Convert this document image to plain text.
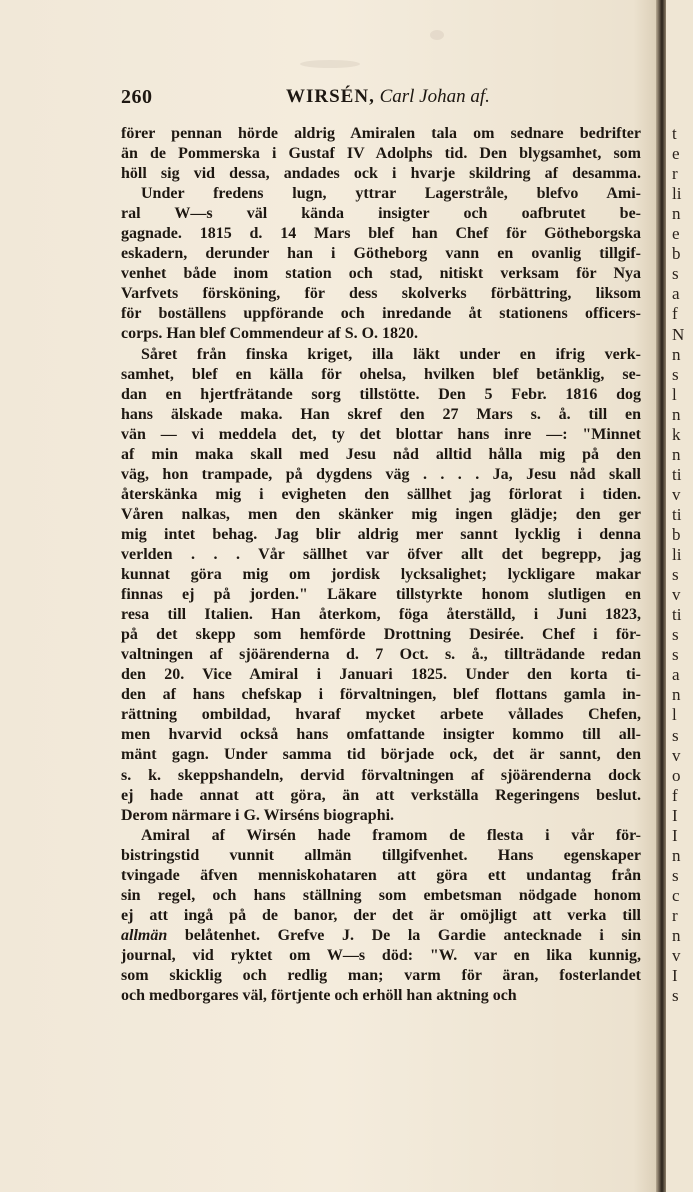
t
e
r
li
n
e
b
s
a
f
N
n
s
l
n
k
n
ti
v
ti
b
li
s
v
ti
s
s
a
n
l
s
v
o
f
I
I
n
s
c
r
n
v
I
s
260	WIRSÉN, Carl Johan af.
förer pennan hörde aldrig Amiralen tala om sednare bedrifter
än de Pommerska i Gustaf IV Adolphs tid. Den blygsamhet, som
höll sig vid dessa, andades ock i hvarje skildring af desamma.
Under fredens lugn, yttrar Lagerstråle, blefvo Ami-
ral W—s väl kända insigter och oafbrutet be-
gagnade. 1815 d. 14 Mars blef han Chef för Götheborgska
eskadern, derunder han i Götheborg vann en ovanlig tillgif-
venhet både inom station och stad, nitiskt verksam för Nya
Varfvets försköning, för dess skolverks förbättring, liksom
för boställens uppförande och inredande åt stationens officers-
corps. Han blef Commendeur af S. O. 1820.
Såret från finska kriget, illa läkt under en ifrig verk-
samhet, blef en källa för ohelsa, hvilken blef betänklig, se-
dan en hjertfrätande sorg tillstötte. Den 5 Febr. 1816 dog
hans älskade maka. Han skref den 27 Mars s. å. till en
vän — vi meddela det, ty det blottar hans inre —: "Minnet
af min maka skall med Jesu nåd alltid hålla mig på den
väg, hon trampade, på dygdens väg . . . . Ja, Jesu nåd skall
återskänka mig i evigheten den sällhet jag förlorat i tiden.
Våren nalkas, men den skänker mig ingen glädje; den ger
mig intet behag. Jag blir aldrig mer sannt lycklig i denna
verlden . . . Vår sällhet var öfver allt det begrepp, jag
kunnat göra mig om jordisk lycksalighet; lyckligare makar
finnas ej på jorden." Läkare tillstyrkte honom slutligen en
resa till Italien. Han återkom, föga återställd, i Juni 1823,
på det skepp som hemförde Drottning Desirée. Chef i för-
valtningen af sjöärenderna d. 7 Oct. s. å., tillträdande redan
den 20. Vice Amiral i Januari 1825. Under den korta ti-
den af hans chefskap i förvaltningen, blef flottans gamla in-
rättning ombildad, hvaraf mycket arbete vållades Chefen,
men hvarvid också hans omfattande insigter kommo till all-
mänt gagn. Under samma tid började ock, det är sannt, den
s. k. skeppshandeln, dervid förvaltningen af sjöärenderna dock
ej hade annat att göra, än att verkställa Regeringens beslut.
Derom närmare i G. Wirséns biographi.
Amiral af Wirsén hade framom de flesta i vår för-
bistringstid vunnit allmän tillgifvenhet. Hans egenskaper
tvingade äfven menniskohataren att göra ett undantag från
sin regel, och hans ställning som embetsman nödgade honom
ej att ingå på de banor, der det är omöjligt att verka till
allmän belåtenhet. Grefve J. De la Gardie antecknade i sin
journal, vid ryktet om W—s död: "W. var en lika kunnig,
som skicklig och redlig man; varm för äran, fosterlandet
och medborgares väl, förtjente och erhöll han aktning och
